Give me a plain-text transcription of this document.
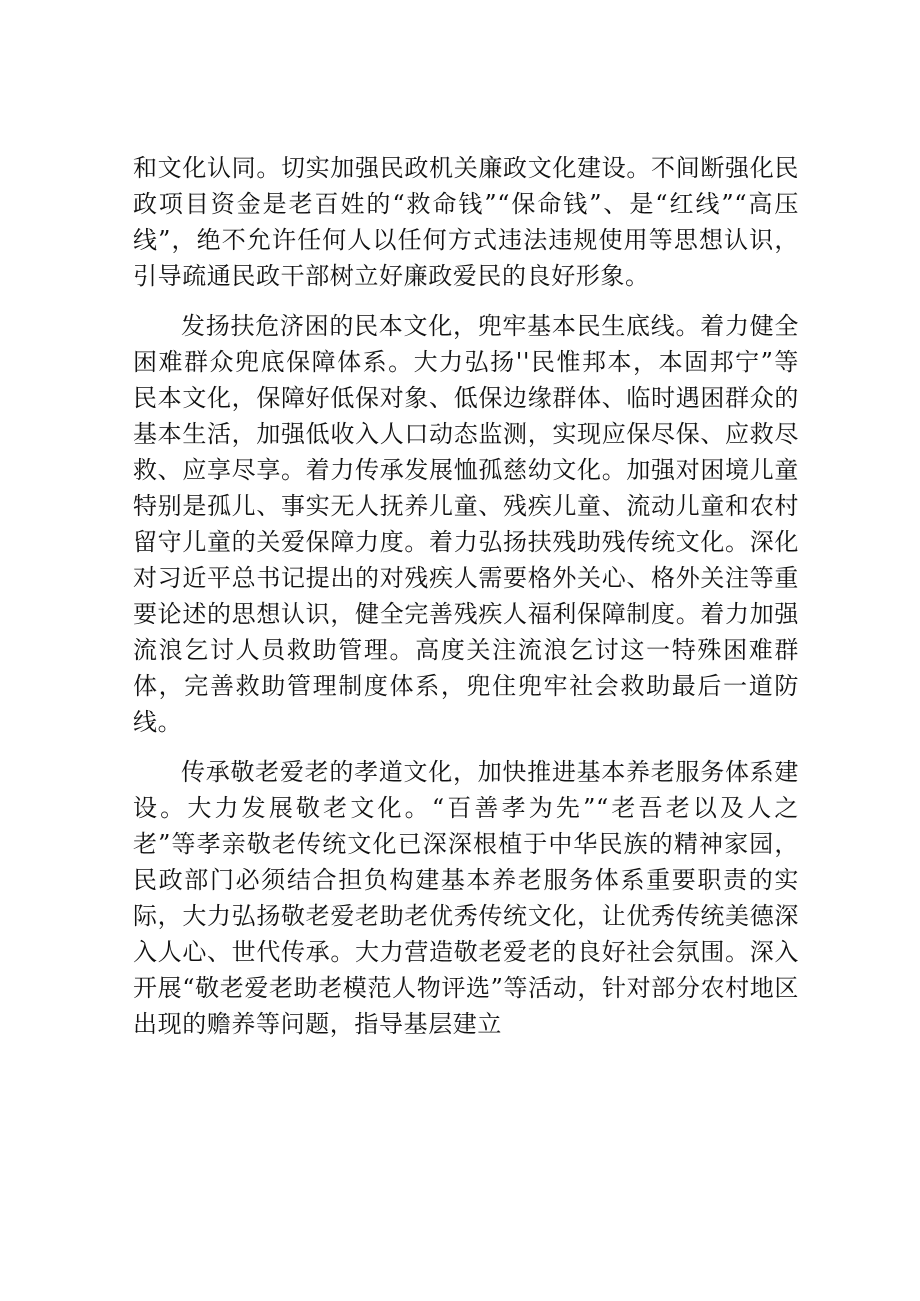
和文化认同。切实加强民政机关廉政文化建设。不间断强化民政项目资金是老百姓的“救命钱”“保命钱”、是“红线”“高压线”，绝不允许任何人以任何方式违法违规使用等思想认识，引导疏通民政干部树立好廉政爱民的良好形象。

发扬扶危济困的民本文化，兜牢基本民生底线。着力健全困难群众兜底保障体系。大力弘扬''民惟邦本，本固邦宁”等民本文化，保障好低保对象、低保边缘群体、临时遇困群众的基本生活，加强低收入人口动态监测，实现应保尽保、应救尽救、应享尽享。着力传承发展恤孤慈幼文化。加强对困境儿童特别是孤儿、事实无人抚养儿童、残疾儿童、流动儿童和农村留守儿童的关爱保障力度。着力弘扬扶残助残传统文化。深化对习近平总书记提出的对残疾人需要格外关心、格外关注等重要论述的思想认识，健全完善残疾人福利保障制度。着力加强流浪乞讨人员救助管理。高度关注流浪乞讨这一特殊困难群体，完善救助管理制度体系，兜住兜牢社会救助最后一道防线。

传承敬老爱老的孝道文化，加快推进基本养老服务体系建设。大力发展敬老文化。“百善孝为先”“老吾老以及人之老”等孝亲敬老传统文化已深深根植于中华民族的精神家园，民政部门必须结合担负构建基本养老服务体系重要职责的实际，大力弘扬敬老爱老助老优秀传统文化，让优秀传统美德深入人心、世代传承。大力营造敬老爱老的良好社会氛围。深入开展“敬老爱老助老模范人物评选”等活动，针对部分农村地区出现的赡养等问题，指导基层建立
